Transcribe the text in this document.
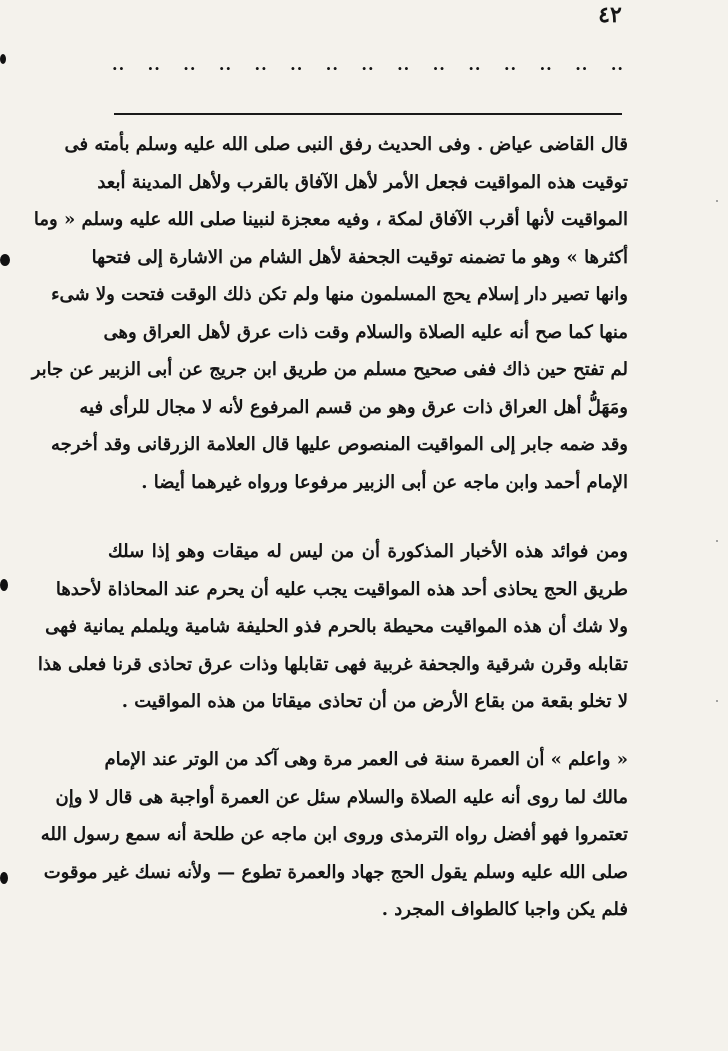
٤٢
.. .. .. .. .. .. .. .. .. .. .. .. .. .. ..
قال القاضى عياض . وفى الحديث رفق النبى صلى الله عليه وسلم بأمته فى
توقيت هذه المواقيت فجعل الأمر لأهل الآفاق بالقرب ولأهل المدينة أبعد
المواقيت لأنها أقرب الآفاق لمكة ، وفيه معجزة لنبينا صلى الله عليه وسلم « وما
أكثرها » وهو ما تضمنه توقيت الجحفة لأهل الشام من الاشارة إلى فتحها
وانها تصير دار إسلام يحج المسلمون منها ولم تكن ذلك الوقت فتحت ولا شىء
منها كما صح أنه عليه الصلاة والسلام وقت ذات عرق لأهل العراق وهى
لم تفتح حين ذاك ففى صحيح مسلم من طريق ابن جريج عن أبى الزبير عن جابر
ومَهَلُّ أهل العراق ذات عرق وهو من قسم المرفوع لأنه لا مجال للرأى فيه
وقد ضمه جابر إلى المواقيت المنصوص عليها قال العلامة الزرقانى وقد أخرجه
الإمام أحمد وابن ماجه عن أبى الزبير مرفوعا ورواه غيرهما أيضا .
ومن فوائد هذه الأخبار المذكورة أن من ليس له ميقات وهو إذا سلك
طريق الحج يحاذى أحد هذه المواقيت يجب عليه أن يحرم عند المحاذاة لأحدها
ولا شك أن هذه المواقيت محيطة بالحرم فذو الحليفة شامية ويلملم يمانية فهى
تقابله وقرن شرقية والجحفة غربية فهى تقابلها وذات عرق تحاذى قرنا فعلى هذا
لا تخلو بقعة من بقاع الأرض من أن تحاذى ميقاتا من هذه المواقيت .
« واعلم » أن العمرة سنة فى العمر مرة وهى آكد من الوتر عند الإمام
مالك لما روى أنه عليه الصلاة والسلام سئل عن العمرة أواجبة هى قال لا وإن
تعتمروا فهو أفضل رواه الترمذى وروى ابن ماجه عن طلحة أنه سمع رسول الله
صلى الله عليه وسلم يقول الحج جهاد والعمرة تطوع — ولأنه نسك غير موقوت
فلم يكن واجبا كالطواف المجرد .
